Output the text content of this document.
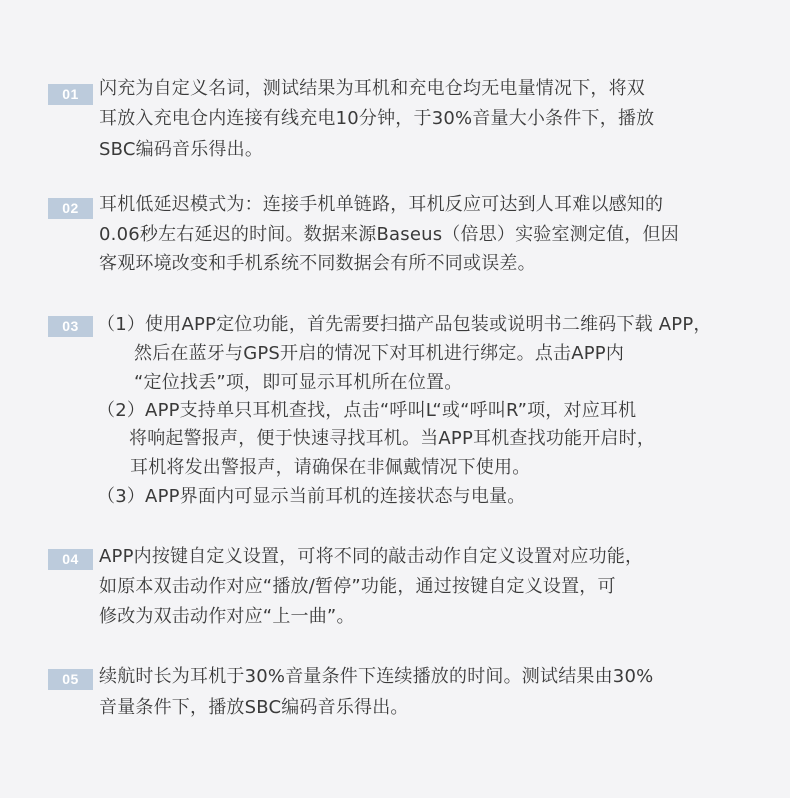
01	闪充为自定义名词，测试结果为耳机和充电仓均无电量情况下，将双
耳放入充电仓内连接有线充电10分钟，于30%音量大小条件下，播放
SBC编码音乐得出。
02	耳机低延迟模式为：连接手机单链路，耳机反应可达到人耳难以感知的
0.06秒左右延迟的时间。数据来源Baseus（倍思）实验室测定值，但因
客观环境改变和手机系统不同数据会有所不同或误差。
03	（1）使用APP定位功能，首先需要扫描产品包装或说明书二维码下载 APP，
然后在蓝牙与GPS开启的情况下对耳机进行绑定。点击APP内
“定位找丢”项，即可显示耳机所在位置。
（2）APP支持单只耳机查找，点击“呼叫L“或“呼叫R”项，对应耳机
将响起警报声，便于快速寻找耳机。当APP耳机查找功能开启时，
耳机将发出警报声，请确保在非佩戴情况下使用。
（3）APP界面内可显示当前耳机的连接状态与电量。
04	APP内按键自定义设置，可将不同的敲击动作自定义设置对应功能，
如原本双击动作对应“播放/暂停”功能，通过按键自定义设置，可
修改为双击动作对应“上一曲”。
05	续航时长为耳机于30%音量条件下连续播放的时间。测试结果由30%
音量条件下，播放SBC编码音乐得出。
